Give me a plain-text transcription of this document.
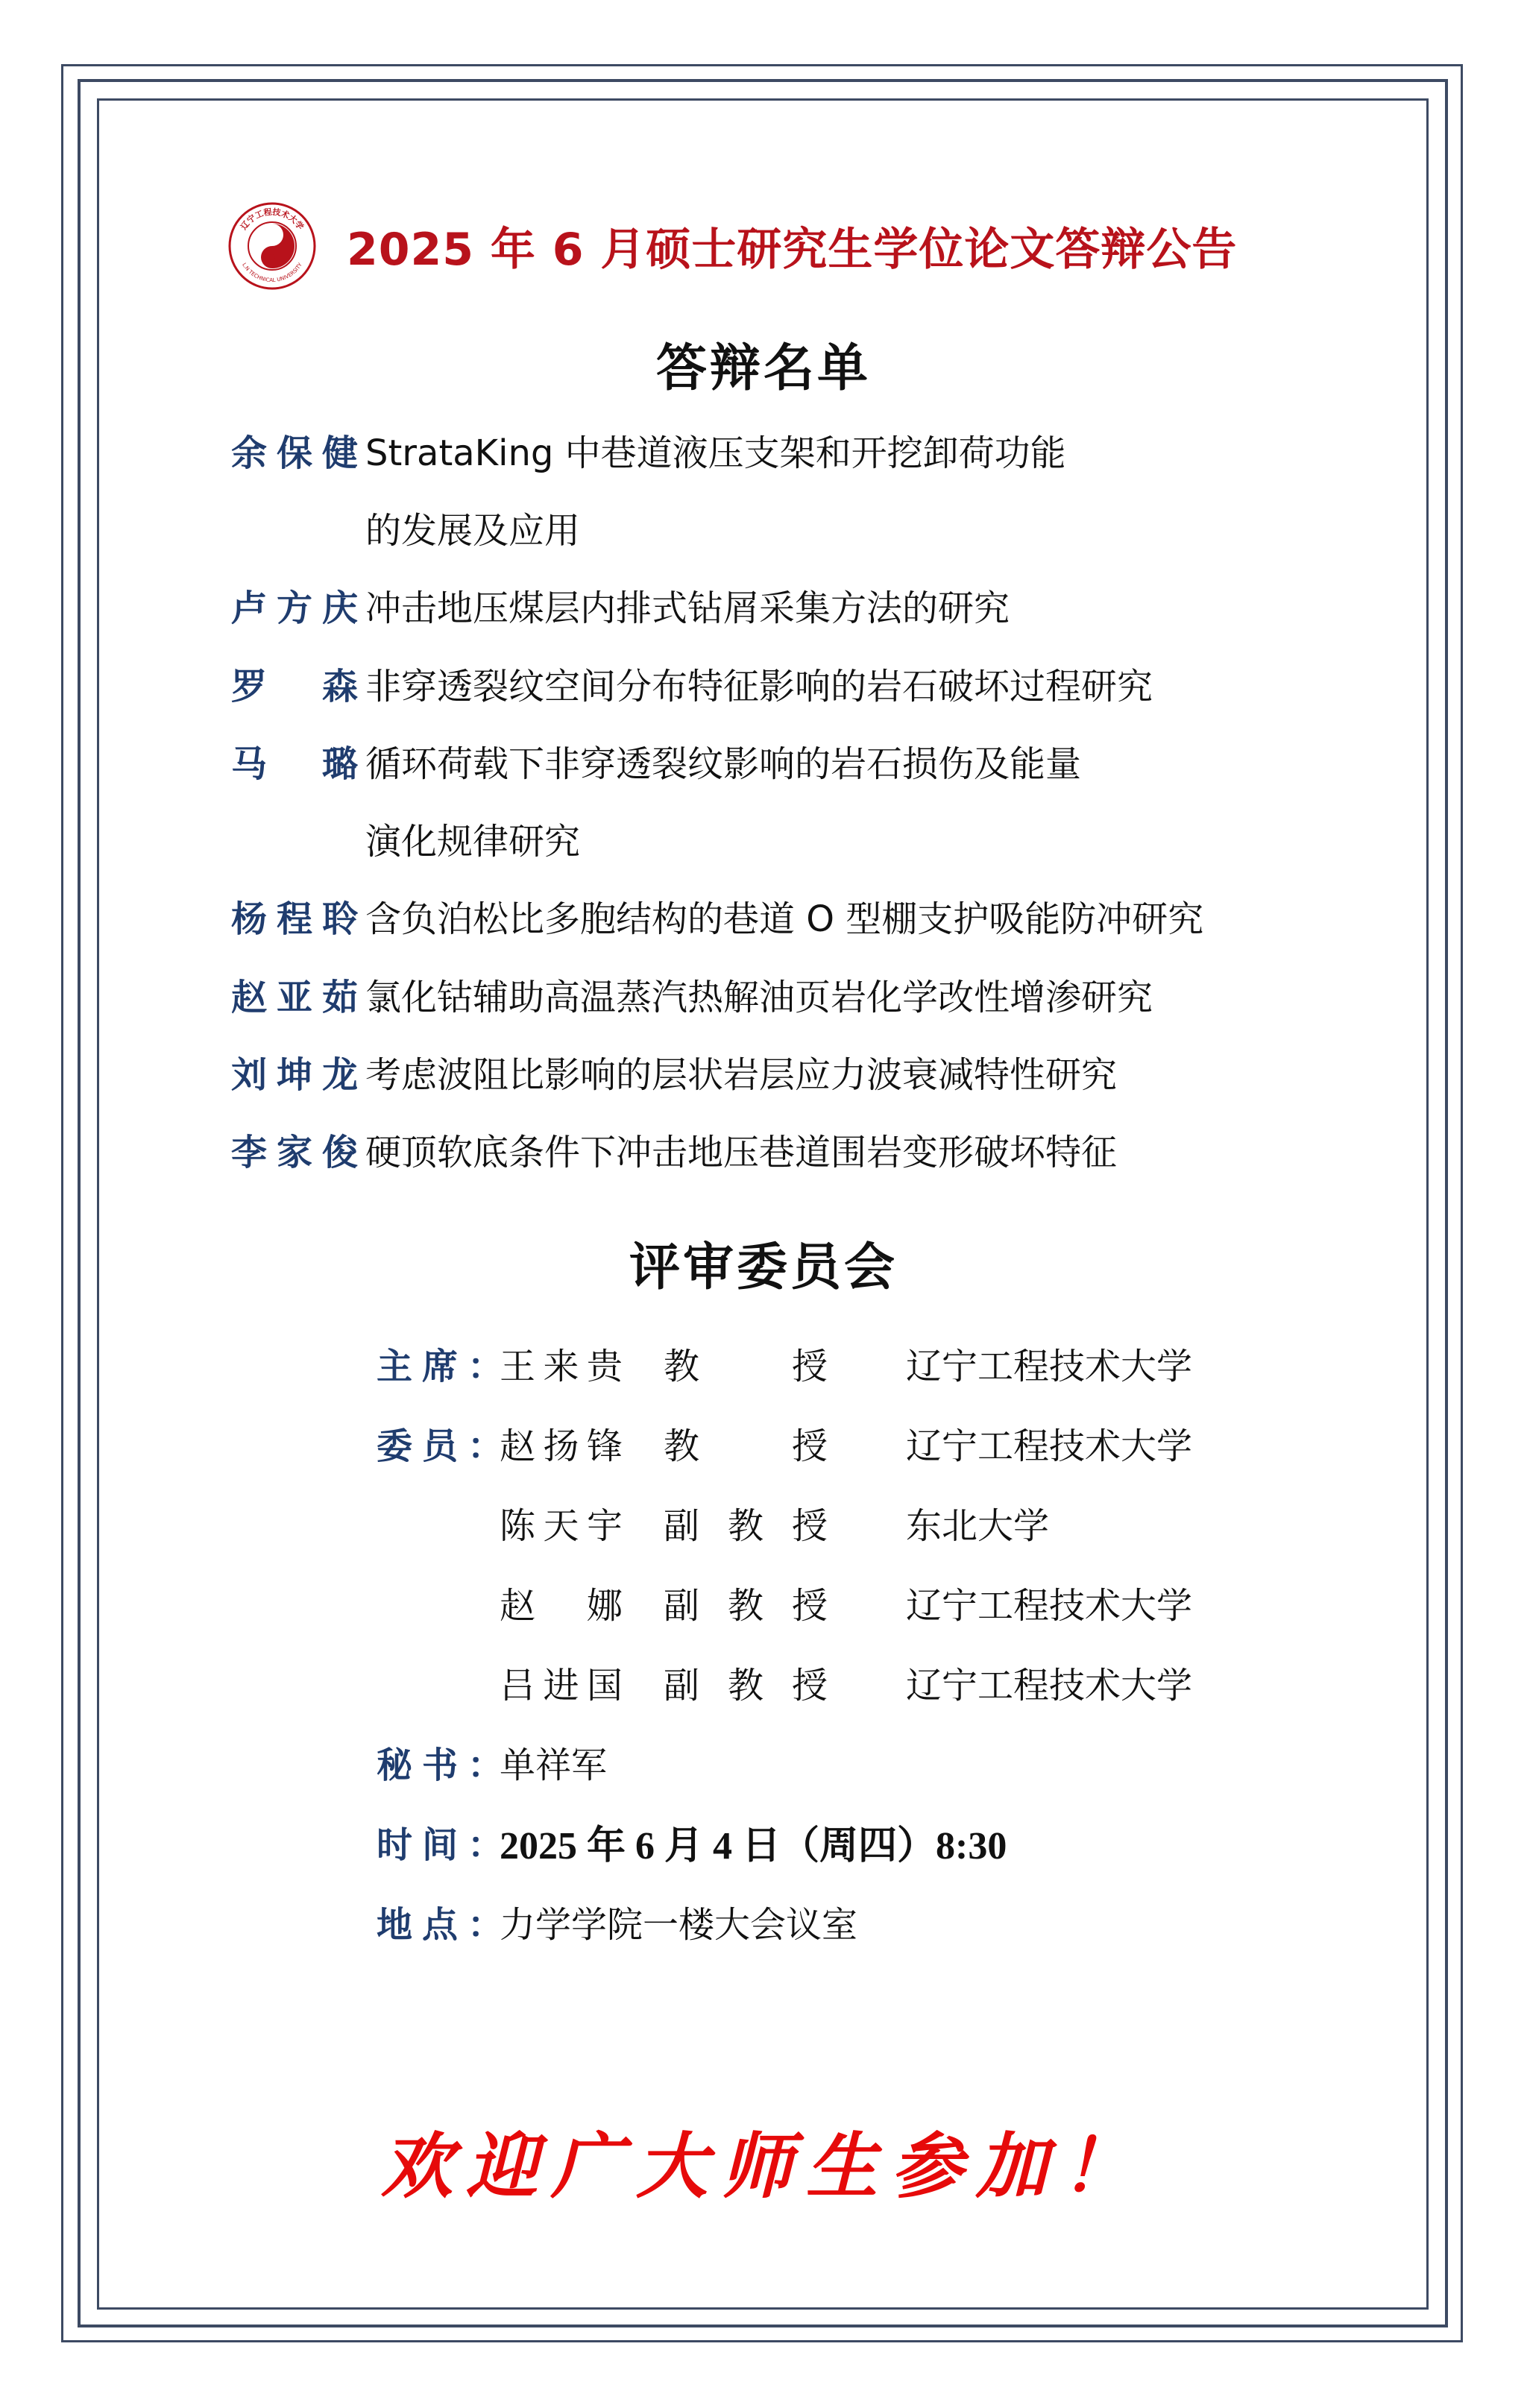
辽宁工程技术大学
L.N TECHNICAL UNIVERSITY 2025 年 6 月硕士研究生学位论文答辩公告
答辩名单
余保健 StrataKing 中巷道液压支架和开挖卸荷功能
的发展及应用
卢方庆 冲击地压煤层内排式钻屑采集方法的研究
罗森 非穿透裂纹空间分布特征影响的岩石破坏过程研究
马璐 循环荷载下非穿透裂纹影响的岩石损伤及能量
演化规律研究
杨程聆 含负泊松比多胞结构的巷道 O 型棚支护吸能防冲研究
赵亚茹 氯化钴辅助高温蒸汽热解油页岩化学改性增渗研究
刘坤龙 考虑波阻比影响的层状岩层应力波衰减特性研究
李家俊 硬顶软底条件下冲击地压巷道围岩变形破坏特征
评审委员会
主席：
王来贵 教授 辽宁工程技术大学
委员：
赵扬锋 教授 辽宁工程技术大学
陈天宇 副教授 东北大学
赵娜 副教授 辽宁工程技术大学
吕进国 副教授 辽宁工程技术大学
秘书：
单祥军
时间：
2025 年 6 月 4 日（周四）8:30
地点：
力学学院一楼大会议室
欢迎广大师生参加！
